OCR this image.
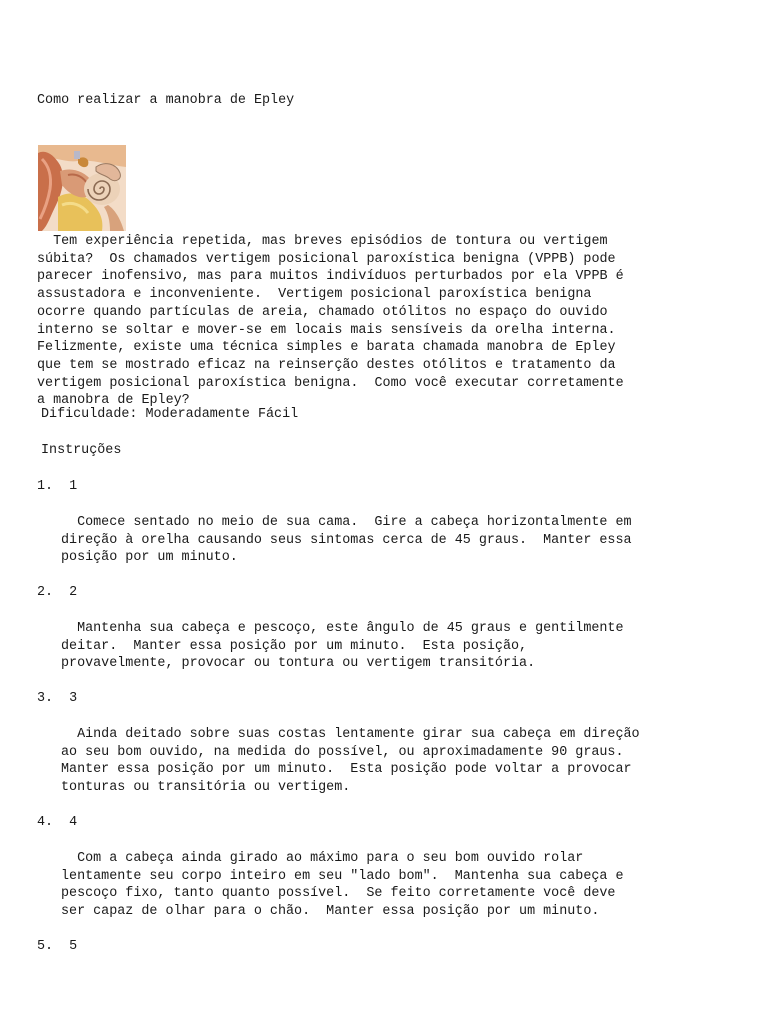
Como realizar a manobra de Epley
Tem experiência repetida, mas breves episódios de tontura ou vertigem
súbita?  Os chamados vertigem posicional paroxística benigna (VPPB) pode
parecer inofensivo, mas para muitos indivíduos perturbados por ela VPPB é
assustadora e inconveniente.  Vertigem posicional paroxística benigna
ocorre quando partículas de areia, chamado otólitos no espaço do ouvido
interno se soltar e mover-se em locais mais sensíveis da orelha interna.
Felizmente, existe uma técnica simples e barata chamada manobra de Epley
que tem se mostrado eficaz na reinserção destes otólitos e tratamento da
vertigem posicional paroxística benigna.  Como você executar corretamente
a manobra de Epley?
Dificuldade: Moderadamente Fácil
Instruções
1.  1
Comece sentado no meio de sua cama.  Gire a cabeça horizontalmente em
direção à orelha causando seus sintomas cerca de 45 graus.  Manter essa
posição por um minuto.
2.  2
Mantenha sua cabeça e pescoço, este ângulo de 45 graus e gentilmente
deitar.  Manter essa posição por um minuto.  Esta posição,
provavelmente, provocar ou tontura ou vertigem transitória.
3.  3
Ainda deitado sobre suas costas lentamente girar sua cabeça em direção
ao seu bom ouvido, na medida do possível, ou aproximadamente 90 graus.
Manter essa posição por um minuto.  Esta posição pode voltar a provocar
tonturas ou transitória ou vertigem.
4.  4
Com a cabeça ainda girado ao máximo para o seu bom ouvido rolar
lentamente seu corpo inteiro em seu "lado bom".  Mantenha sua cabeça e
pescoço fixo, tanto quanto possível.  Se feito corretamente você deve
ser capaz de olhar para o chão.  Manter essa posição por um minuto.
5.  5
